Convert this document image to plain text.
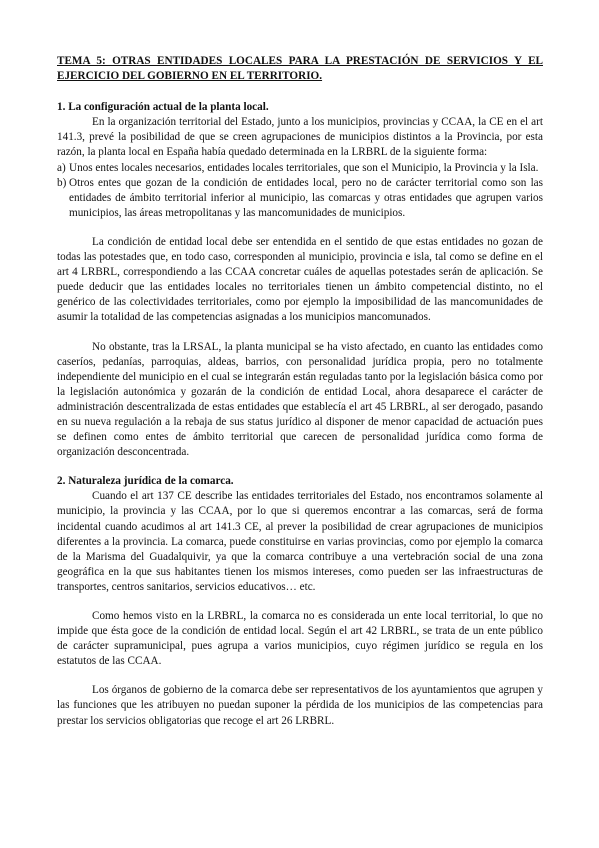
TEMA 5: OTRAS ENTIDADES LOCALES PARA LA PRESTACIÓN DE SERVICIOS Y EL EJERCICIO DEL GOBIERNO EN EL TERRITORIO.
1. La configuración actual de la planta local.

En la organización territorial del Estado, junto a los municipios, provincias y CCAA, la CE en el art 141.3, prevé la posibilidad de que se creen agrupaciones de municipios distintos a la Provincia, por esta razón, la planta local en España había quedado determinada en la LRBRL de la siguiente forma:

a) Unos entes locales necesarios, entidades locales territoriales, que son el Municipio, la Provincia y la Isla.
b) Otros entes que gozan de la condición de entidades local, pero no de carácter territorial como son las entidades de ámbito territorial inferior al municipio, las comarcas y otras entidades que agrupen varios municipios, las áreas metropolitanas y las mancomunidades de municipios.

La condición de entidad local debe ser entendida en el sentido de que estas entidades no gozan de todas las potestades que, en todo caso, corresponden al municipio, provincia e isla, tal como se define en el art 4 LRBRL, correspondiendo a las CCAA concretar cuáles de aquellas potestades serán de aplicación. Se puede deducir que las entidades locales no territoriales tienen un ámbito competencial distinto, no el genérico de las colectividades territoriales, como por ejemplo la imposibilidad de las mancomunidades de asumir la totalidad de las competencias asignadas a los municipios mancomunados.

No obstante, tras la LRSAL, la planta municipal se ha visto afectado, en cuanto las entidades como caseríos, pedanías, parroquias, aldeas, barrios, con personalidad jurídica propia, pero no totalmente independiente del municipio en el cual se integrarán están reguladas tanto por la legislación básica como por la legislación autonómica y gozarán de la condición de entidad Local, ahora desaparece el carácter de administración descentralizada de estas entidades que establecía el art 45 LRBRL, al ser derogado, pasando en su nueva regulación a la rebaja de sus status jurídico al disponer de menor capacidad de actuación pues se definen como entes de ámbito territorial que carecen de personalidad jurídica como forma de organización desconcentrada.

2. Naturaleza jurídica de la comarca.

Cuando el art 137 CE describe las entidades territoriales del Estado, nos encontramos solamente al municipio, la provincia y las CCAA, por lo que si queremos encontrar a las comarcas, será de forma incidental cuando acudimos al art 141.3 CE, al prever la posibilidad de crear agrupaciones de municipios diferentes a la provincia. La comarca, puede constituirse en varias provincias, como por ejemplo la comarca de la Marisma del Guadalquivir, ya que la comarca contribuye a una vertebración social de una zona geográfica en la que sus habitantes tienen los mismos intereses, como pueden ser las infraestructuras de transportes, centros sanitarios, servicios educativos… etc.

Como hemos visto en la LRBRL, la comarca no es considerada un ente local territorial, lo que no impide que ésta goce de la condición de entidad local. Según el art 42 LRBRL, se trata de un ente público de carácter supramunicipal, pues agrupa a varios municipios, cuyo régimen jurídico se regula en los estatutos de las CCAA.

Los órganos de gobierno de la comarca debe ser representativos de los ayuntamientos que agrupen y las funciones que les atribuyen no puedan suponer la pérdida de los municipios de las competencias para prestar los servicios obligatorias que recoge el art 26 LRBRL.
